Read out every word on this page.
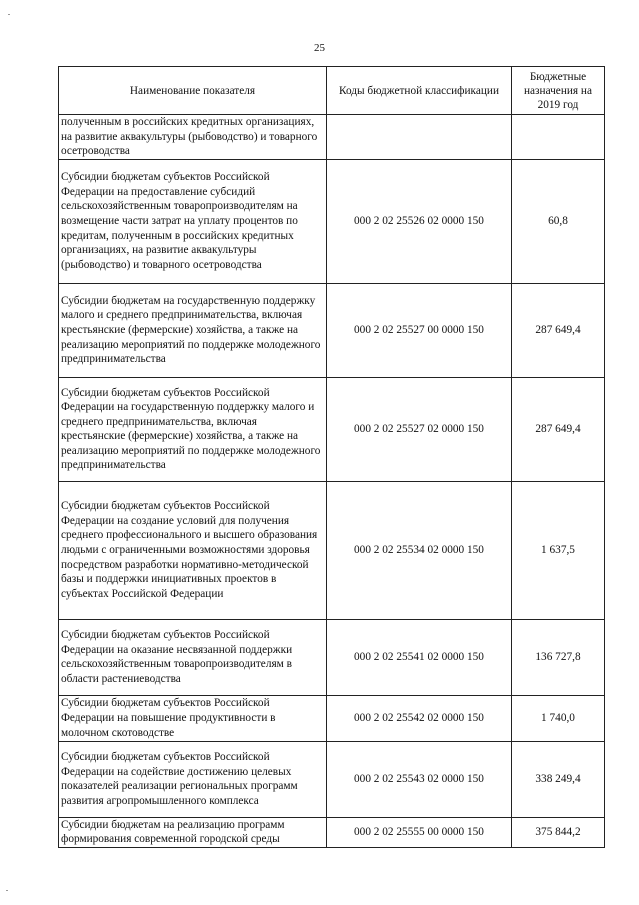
25
Наименование показателя	Коды бюджетной классификации	Бюджетные назначения на 2019 год
полученным в российских кредитных организациях, на развитие аквакультуры (рыбоводство) и товарного осетроводства		
Субсидии бюджетам субъектов Российской Федерации на предоставление субсидий сельскохозяйственным товаропроизводителям на возмещение части затрат на уплату процентов по кредитам, полученным в российских кредитных организациях, на развитие аквакультуры (рыбоводство) и товарного осетроводства	000 2 02 25526 02 0000 150	60,8
Субсидии бюджетам на государственную поддержку малого и среднего предпринимательства, включая крестьянские (фермерские) хозяйства, а также на реализацию мероприятий по поддержке молодежного предпринимательства	000 2 02 25527 00 0000 150	287 649,4
Субсидии бюджетам субъектов Российской Федерации на государственную поддержку малого и среднего предпринимательства, включая крестьянские (фермерские) хозяйства, а также на реализацию мероприятий по поддержке молодежного предпринимательства	000 2 02 25527 02 0000 150	287 649,4
Субсидии бюджетам субъектов Российской Федерации на создание условий для получения среднего профессионального и высшего образования людьми с ограниченными возможностями здоровья посредством разработки нормативно-методической базы и поддержки инициативных проектов в субъектах Российской Федерации	000 2 02 25534 02 0000 150	1 637,5
Субсидии бюджетам субъектов Российской Федерации на оказание несвязанной поддержки сельскохозяйственным товаропроизводителям в области растениеводства	000 2 02 25541 02 0000 150	136 727,8
Субсидии бюджетам субъектов Российской Федерации на повышение продуктивности в молочном скотоводстве	000 2 02 25542 02 0000 150	1 740,0
Субсидии бюджетам субъектов Российской Федерации на содействие достижению целевых показателей реализации региональных программ развития агропромышленного комплекса	000 2 02 25543 02 0000 150	338 249,4
Субсидии бюджетам на реализацию программ формирования современной городской среды	000 2 02 25555 00 0000 150	375 844,2
